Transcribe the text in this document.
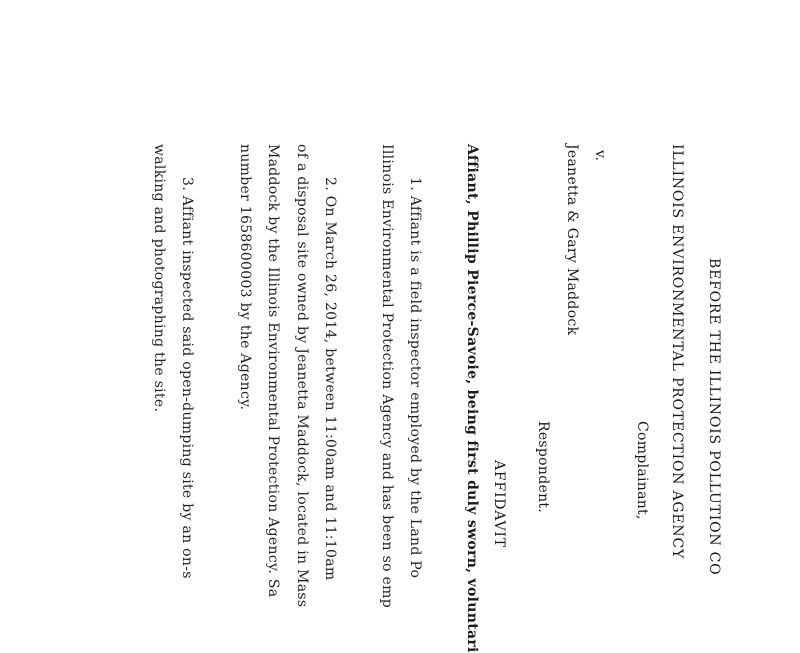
BEFORE THE ILLINOIS POLLUTION CO
ILLINOIS ENVIRONMENTAL PROTECTION AGENCY
Complainant,
v.
Jeanetta & Gary Maddock
Respondent.
AFFIDAVIT
Affiant, Phillip Pierce-Savoie, being first duly sworn, voluntari
1. Affiant is a field inspector employed by the Land Po
Illinois Environmental Protection Agency and has been so emp
2. On March 26, 2014, between 11:00am and 11:10am
of a disposal site owned by Jeanetta Maddock, located in Mass
Maddock by the Illinois Environmental Protection Agency. Sa
number 1658600003 by the Agency.
3. Affiant inspected said open-dumping site by an on-s
walking and photographing the site.
